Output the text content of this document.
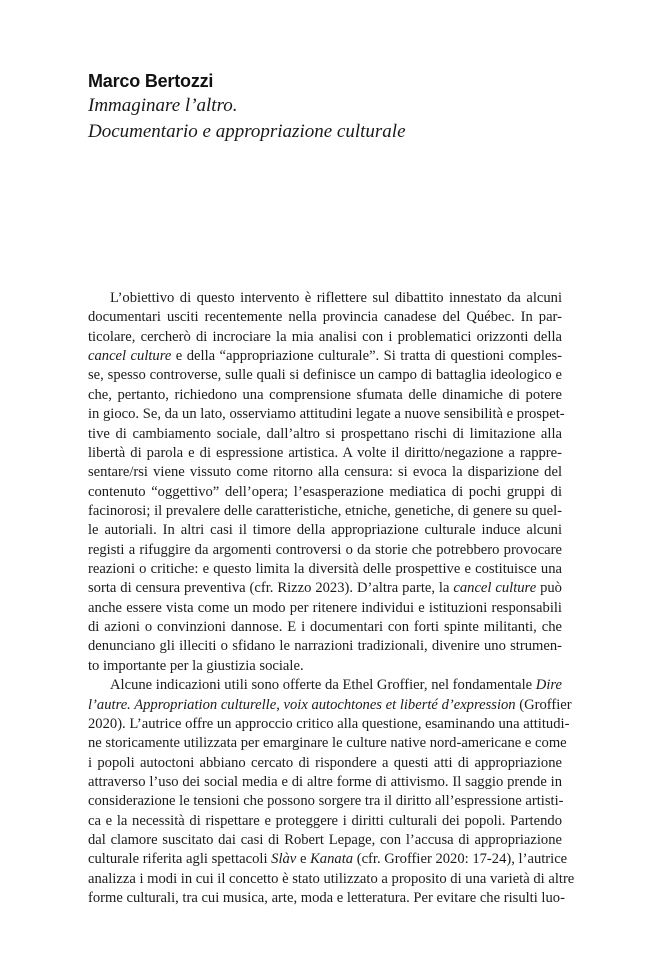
Marco Bertozzi
Immaginare l’altro.
Documentario e appropriazione culturale
L’obiettivo di questo intervento è riflettere sul dibattito innestato da alcuni
documentari usciti recentemente nella provincia canadese del Québec. In par-
ticolare, cercherò di incrociare la mia analisi con i problematici orizzonti della
cancel culture e della “appropriazione culturale”. Si tratta di questioni comples-
se, spesso controverse, sulle quali si definisce un campo di battaglia ideologico e
che, pertanto, richiedono una comprensione sfumata delle dinamiche di potere
in gioco. Se, da un lato, osserviamo attitudini legate a nuove sensibilità e prospet-
tive di cambiamento sociale, dall’altro si prospettano rischi di limitazione alla
libertà di parola e di espressione artistica. A volte il diritto/negazione a rappre-
sentare/rsi viene vissuto come ritorno alla censura: si evoca la disparizione del
contenuto “oggettivo” dell’opera; l’esasperazione mediatica di pochi gruppi di
facinorosi; il prevalere delle caratteristiche, etniche, genetiche, di genere su quel-
le autoriali. In altri casi il timore della appropriazione culturale induce alcuni
registi a rifuggire da argomenti controversi o da storie che potrebbero provocare
reazioni o critiche: e questo limita la diversità delle prospettive e costituisce una
sorta di censura preventiva (cfr. Rizzo 2023). D’altra parte, la cancel culture può
anche essere vista come un modo per ritenere individui e istituzioni responsabili
di azioni o convinzioni dannose. E i documentari con forti spinte militanti, che
denunciano gli illeciti o sfidano le narrazioni tradizionali, divenire uno strumen-
to importante per la giustizia sociale.
Alcune indicazioni utili sono offerte da Ethel Groffier, nel fondamentale Dire
l’autre. Appropriation culturelle, voix autochtones et liberté d’expression (Groffier
2020). L’autrice offre un approccio critico alla questione, esaminando una attitudi-
ne storicamente utilizzata per emarginare le culture native nord-americane e come
i popoli autoctoni abbiano cercato di rispondere a questi atti di appropriazione
attraverso l’uso dei social media e di altre forme di attivismo. Il saggio prende in
considerazione le tensioni che possono sorgere tra il diritto all’espressione artisti-
ca e la necessità di rispettare e proteggere i diritti culturali dei popoli. Partendo
dal clamore suscitato dai casi di Robert Lepage, con l’accusa di appropriazione
culturale riferita agli spettacoli Slàv e Kanata (cfr. Groffier 2020: 17-24), l’autrice
analizza i modi in cui il concetto è stato utilizzato a proposito di una varietà di altre
forme culturali, tra cui musica, arte, moda e letteratura. Per evitare che risulti luo-
